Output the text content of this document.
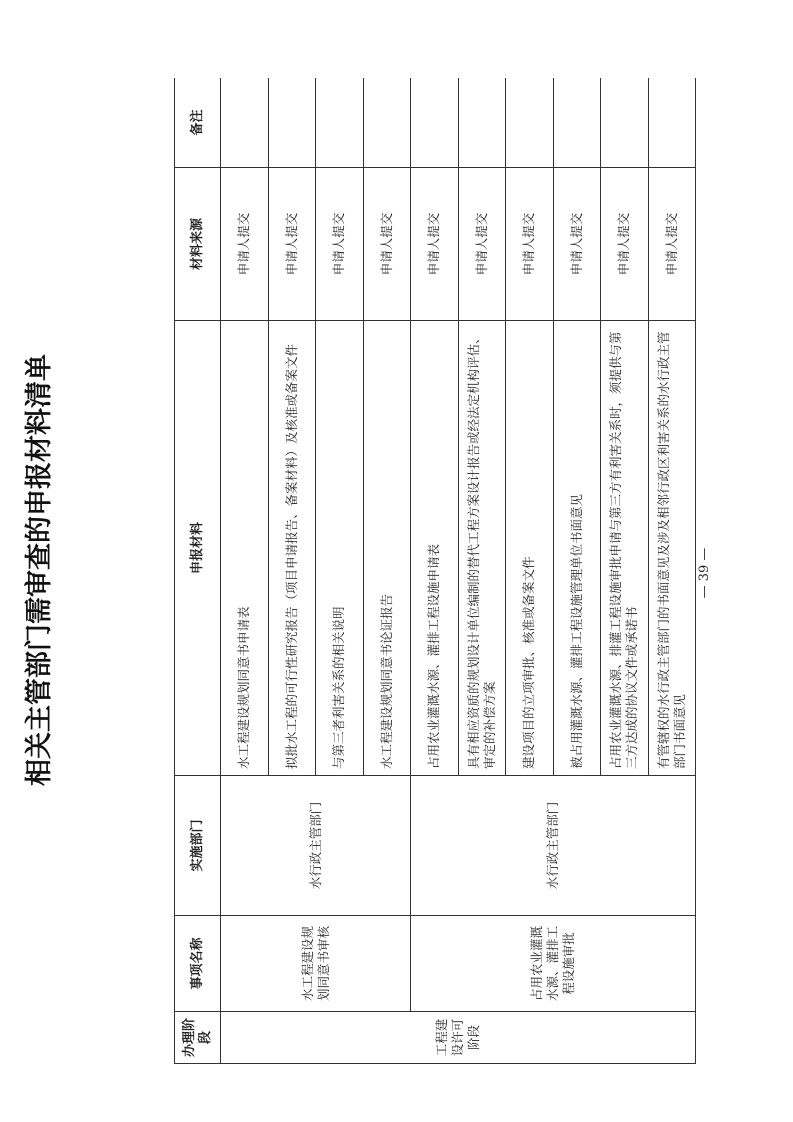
相关主管部门需审查的申报材料清单
办理阶段	事项名称	实施部门	申报材料	材料来源	备注
工程建设许可阶段	水工程建设规划同意书审核	水行政主管部门	水工程建设规划同意书申请表	申请人提交	
			拟批水工程的可行性研究报告（项目申请报告、备案材料）及核准或备案文件	申请人提交	
			与第三者利害关系的相关说明	申请人提交	
			水工程建设规划同意书论证报告	申请人提交	
	占用农业灌溉水源、灌排工程设施审批	水行政主管部门	占用农业灌溉水源、灌排工程设施申请表	申请人提交	
			具有相应资质的规划设计单位编制的替代工程方案设计报告或经法定机构评估、审定的补偿方案	申请人提交	
			建设项目的立项审批、核准或备案文件	申请人提交	
			被占用灌溉水源、灌排工程设施管理单位书面意见	申请人提交	
			占用农业灌溉水源、排灌工程设施审批申请与第三方有利害关系时，须提供与第三方达成的协议文件或承诺书	申请人提交	
			有管辖权的水行政主管部门的书面意见及涉及相邻行政区利害关系的水行政主管部门书面意见	申请人提交	
— 39 —
